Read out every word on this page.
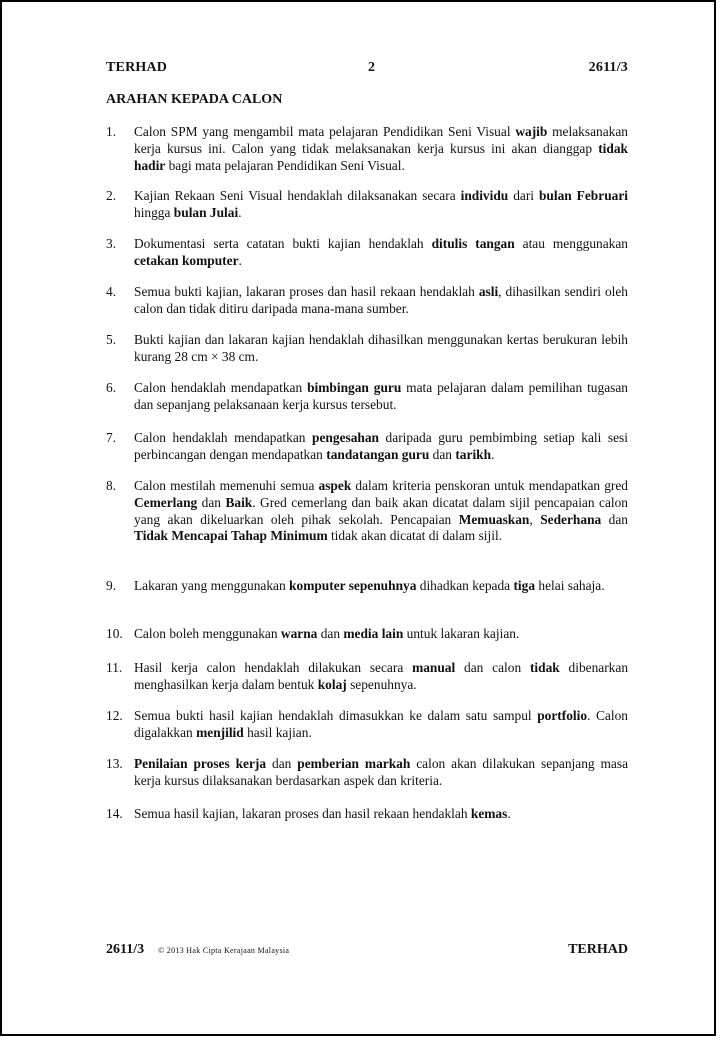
TERHAD	2	2611/3
ARAHAN KEPADA CALON
1.	Calon SPM yang mengambil mata pelajaran Pendidikan Seni Visual wajib melaksanakan kerja kursus ini. Calon yang tidak melaksanakan kerja kursus ini akan dianggap tidak hadir bagi mata pelajaran Pendidikan Seni Visual.
2.	Kajian Rekaan Seni Visual hendaklah dilaksanakan secara individu dari bulan Februari hingga bulan Julai.
3.	Dokumentasi serta catatan bukti kajian hendaklah ditulis tangan atau menggunakan cetakan komputer.
4.	Semua bukti kajian, lakaran proses dan hasil rekaan hendaklah asli, dihasilkan sendiri oleh calon dan tidak ditiru daripada mana-mana sumber.
5.	Bukti kajian dan lakaran kajian hendaklah dihasilkan menggunakan kertas berukuran lebih kurang 28 cm × 38 cm.
6.	Calon hendaklah mendapatkan bimbingan guru mata pelajaran dalam pemilihan tugasan dan sepanjang pelaksanaan kerja kursus tersebut.
7.	Calon hendaklah mendapatkan pengesahan daripada guru pembimbing setiap kali sesi perbincangan dengan mendapatkan tandatangan guru dan tarikh.
8.	Calon mestilah memenuhi semua aspek dalam kriteria penskoran untuk mendapatkan gred Cemerlang dan Baik. Gred cemerlang dan baik akan dicatat dalam sijil pencapaian calon yang akan dikeluarkan oleh pihak sekolah. Pencapaian Memuaskan, Sederhana dan Tidak Mencapai Tahap Minimum tidak akan dicatat di dalam sijil.
9.	Lakaran yang menggunakan komputer sepenuhnya dihadkan kepada tiga helai sahaja.
10. Calon boleh menggunakan warna dan media lain untuk lakaran kajian.
11. Hasil kerja calon hendaklah dilakukan secara manual dan calon tidak dibenarkan menghasilkan kerja dalam bentuk kolaj sepenuhnya.
12. Semua bukti hasil kajian hendaklah dimasukkan ke dalam satu sampul portfolio. Calon digalakkan menjilid hasil kajian.
13. Penilaian proses kerja dan pemberian markah calon akan dilakukan sepanjang masa kerja kursus dilaksanakan berdasarkan aspek dan kriteria.
14. Semua hasil kajian, lakaran proses dan hasil rekaan hendaklah kemas.
2611/3 © 2013 Hak Cipta Kerajaan Malaysia	TERHAD
